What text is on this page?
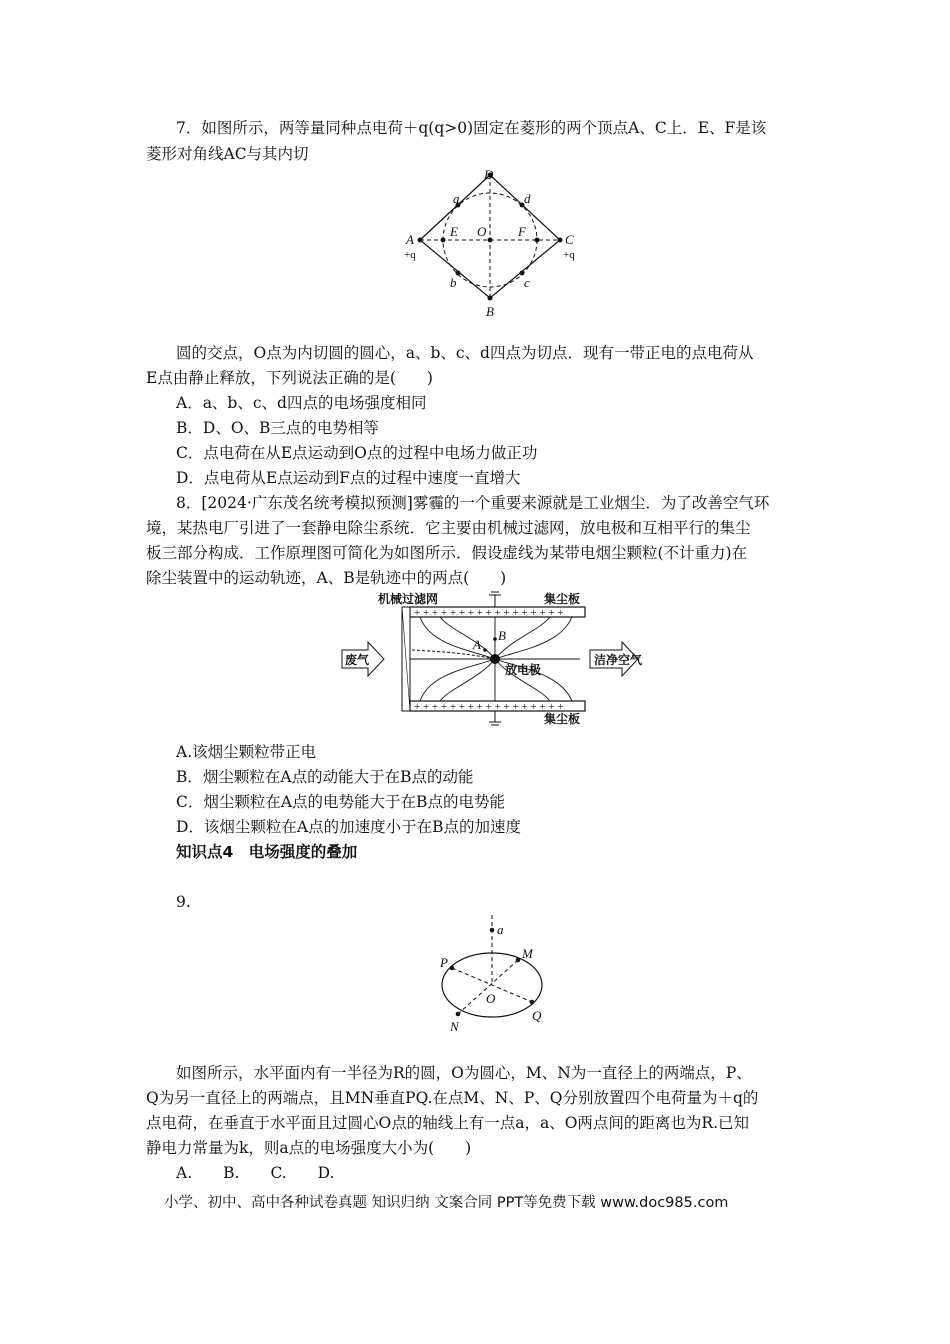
7．如图所示，两等量同种点电荷＋q(q>0)固定在菱形的两个顶点A、C上．E、F是该
菱形对角线AC与其内切
D
B
A
+q
C
+q
E O F
a	d
b	c
圆的交点，O点为内切圆的圆心，a、b、c、d四点为切点．现有一带正电的点电荷从
E点由静止释放，下列说法正确的是(　　)
A．a、b、c、d四点的电场强度相同
B．D、O、B三点的电势相等
C．点电荷在从E点运动到O点的过程中电场力做正功
D．点电荷从E点运动到F点的过程中速度一直增大
8．[2024·广东茂名统考模拟预测]雾霾的一个重要来源就是工业烟尘．为了改善空气环
境，某热电厂引进了一套静电除尘系统．它主要由机械过滤网，放电极和互相平行的集尘
板三部分构成．工作原理图可简化为如图所示．假设虚线为某带电烟尘颗粒(不计重力)在
除尘装置中的运动轨迹，A、B是轨迹中的两点(　　)
+ + + + + + + + + + + + + + + + +
+ + + + + + + + + + + + + + + + +
A
B
废气	洁净空气
机械过滤网	集尘板
集尘板
放电极
A.该烟尘颗粒带正电
B．烟尘颗粒在A点的动能大于在B点的动能
C．烟尘颗粒在A点的电势能大于在B点的电势能
D．该烟尘颗粒在A点的加速度小于在B点的加速度
知识点4　电场强度的叠加
9.
a
P
M
O
N
Q
如图所示，水平面内有一半径为R的圆，O为圆心，M、N为一直径上的两端点，P、
Q为另一直径上的两端点，且MN垂直PQ.在点M、N、P、Q分别放置四个电荷量为＋q的
点电荷，在垂直于水平面且过圆心O点的轴线上有一点a，a、O两点间的距离也为R.已知
静电力常量为k，则a点的电场强度大小为(　　)
A.　　B.　　C.　　D.
小学、初中、高中各种试卷真题 知识归纳 文案合同 PPT等免费下载 www.doc985.com
